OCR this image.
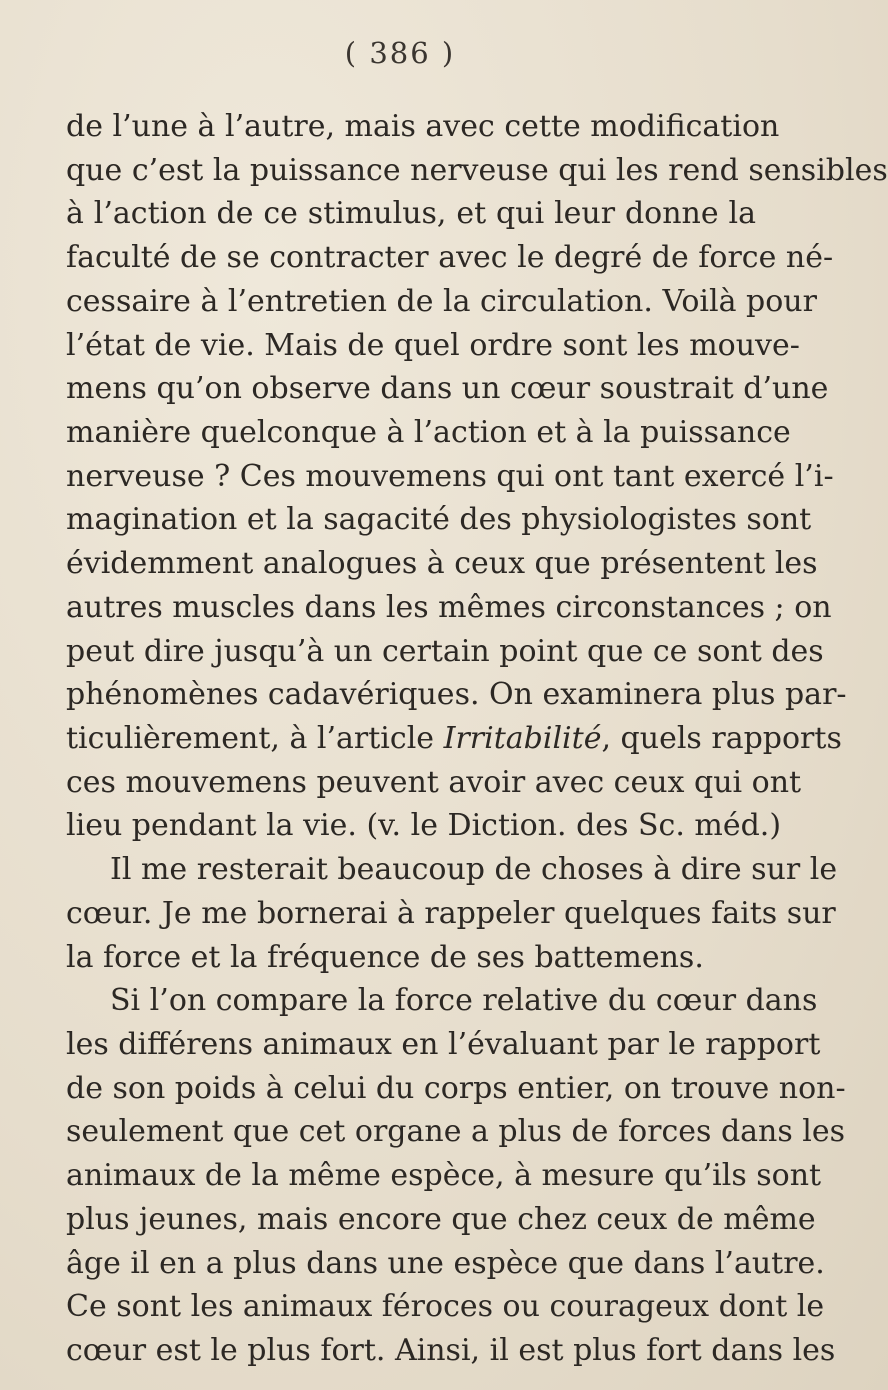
( 386 )
de l’une à l’autre, mais avec cette modification
que c’est la puissance nerveuse qui les rend sensibles
à l’action de ce stimulus, et qui leur donne la
faculté de se contracter avec le degré de force né-
cessaire à l’entretien de la circulation. Voilà pour
l’état de vie. Mais de quel ordre sont les mouve-
mens qu’on observe dans un cœur soustrait d’une
manière quelconque à l’action et à la puissance
nerveuse ? Ces mouvemens qui ont tant exercé l’i-
magination et la sagacité des physiologistes sont
évidemment analogues à ceux que présentent les
autres muscles dans les mêmes circonstances ; on
peut dire jusqu’à un certain point que ce sont des
phénomènes cadavériques. On examinera plus par-
ticulièrement, à l’article Irritabilité, quels rapports
ces mouvemens peuvent avoir avec ceux qui ont
lieu pendant la vie. (v. le Diction. des Sc. méd.)
Il me resterait beaucoup de choses à dire sur le
cœur. Je me bornerai à rappeler quelques faits sur
la force et la fréquence de ses battemens.
Si l’on compare la force relative du cœur dans
les différens animaux en l’évaluant par le rapport
de son poids à celui du corps entier, on trouve non-
seulement que cet organe a plus de forces dans les
animaux de la même espèce, à mesure qu’ils sont
plus jeunes, mais encore que chez ceux de même
âge il en a plus dans une espèce que dans l’autre.
Ce sont les animaux féroces ou courageux dont le
cœur est le plus fort. Ainsi, il est plus fort dans les
